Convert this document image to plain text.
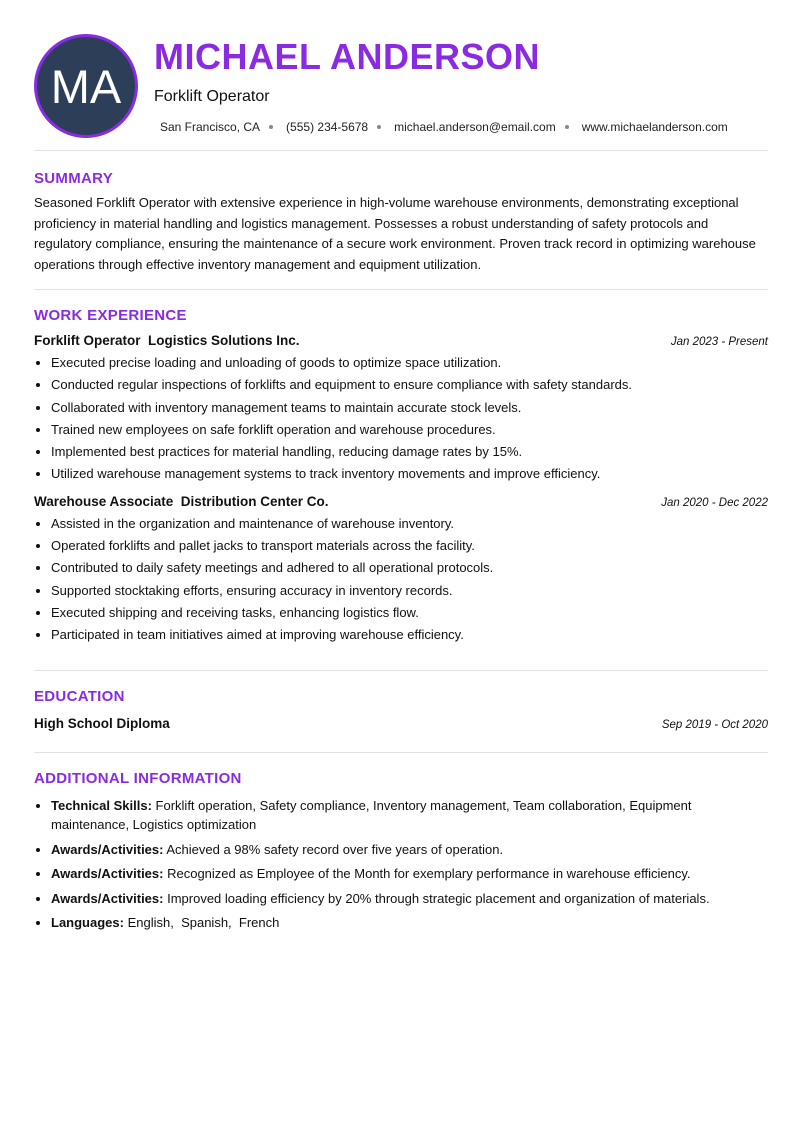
MA
MICHAEL ANDERSON
Forklift Operator
San Francisco, CA (555) 234-5678 michael.anderson@email.com www.michaelanderson.com
SUMMARY

Seasoned Forklift Operator with extensive experience in high-volume warehouse environments, demonstrating exceptional proficiency in material handling and logistics management. Possesses a robust understanding of safety protocols and regulatory compliance, ensuring the maintenance of a secure work environment. Proven track record in optimizing warehouse operations through effective inventory management and equipment utilization.

WORK EXPERIENCE
Forklift Operator  Logistics Solutions Inc.	Jan 2023 - Present
• Executed precise loading and unloading of goods to optimize space utilization.
• Conducted regular inspections of forklifts and equipment to ensure compliance with safety standards.
• Collaborated with inventory management teams to maintain accurate stock levels.
• Trained new employees on safe forklift operation and warehouse procedures.
• Implemented best practices for material handling, reducing damage rates by 15%.
• Utilized warehouse management systems to track inventory movements and improve efficiency.
Warehouse Associate  Distribution Center Co.	Jan 2020 - Dec 2022
• Assisted in the organization and maintenance of warehouse inventory.
• Operated forklifts and pallet jacks to transport materials across the facility.
• Contributed to daily safety meetings and adhered to all operational protocols.
• Supported stocktaking efforts, ensuring accuracy in inventory records.
• Executed shipping and receiving tasks, enhancing logistics flow.
• Participated in team initiatives aimed at improving warehouse efficiency.
EDUCATION
High School Diploma	Sep 2019 - Oct 2020
ADDITIONAL INFORMATION
• Technical Skills: Forklift operation, Safety compliance, Inventory management, Team collaboration, Equipment maintenance, Logistics optimization
• Awards/Activities: Achieved a 98% safety record over five years of operation.
• Awards/Activities: Recognized as Employee of the Month for exemplary performance in warehouse efficiency.
• Awards/Activities: Improved loading efficiency by 20% through strategic placement and organization of materials.
• Languages: English,  Spanish,  French
